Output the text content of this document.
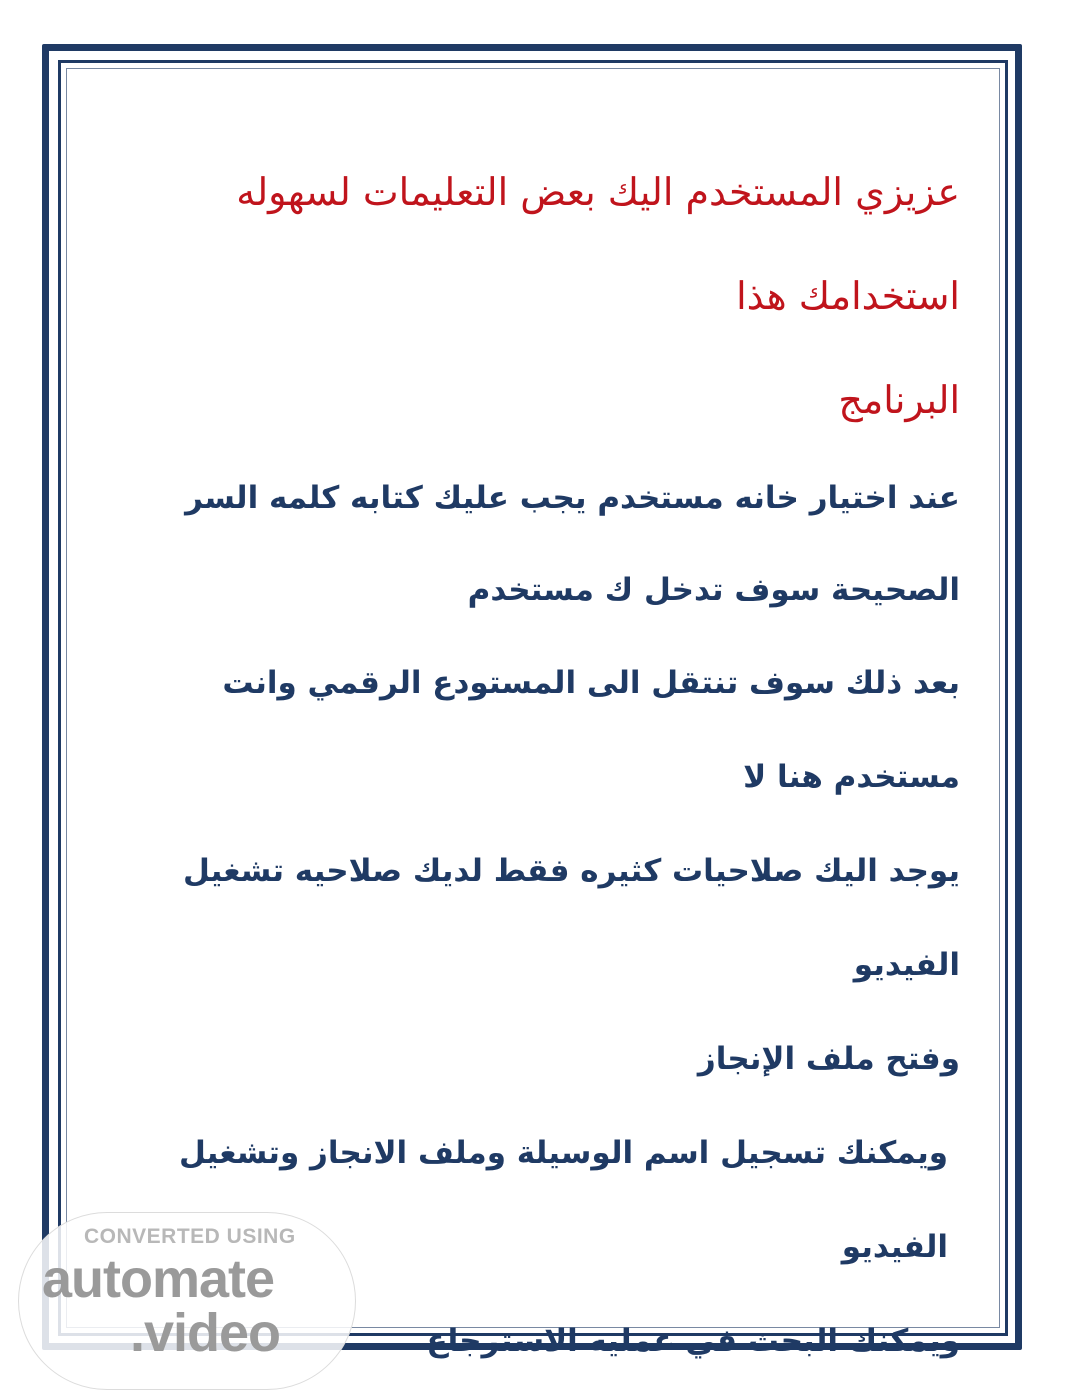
عزيزي المستخدم اليك بعض التعليمات لسهوله استخدامك هذا
البرنامج
عند اختيار خانه مستخدم يجب عليك كتابه كلمه السر
الصحيحة سوف تدخل ك مستخدم
بعد ذلك سوف تنتقل الى المستودع الرقمي وانت مستخدم هنا لا
يوجد اليك صلاحيات كثيره فقط لديك صلاحيه تشغيل الفيديو
وفتح ملف الإنجاز
ويمكنك تسجيل اسم الوسيلة وملف الانجاز وتشغيل الفيديو
ويمكنك البحث في عمليه الاسترجاع
CONVERTED USING
automate
.video
